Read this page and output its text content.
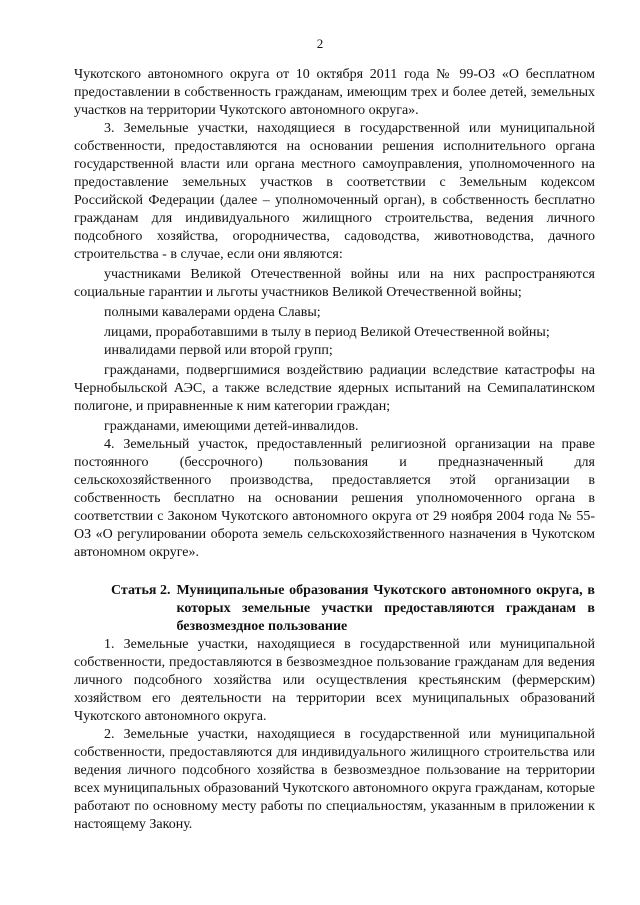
2

Чукотского автономного округа от 10 октября 2011 года № 99-ОЗ «О бесплатном предоставлении в собственность гражданам, имеющим трех и более детей, земельных участков на территории Чукотского автономного округа».

3. Земельные участки, находящиеся в государственной или муниципальной собственности, предоставляются на основании решения исполнительного органа государственной власти или органа местного самоуправления, уполномоченного на предоставление земельных участков в соответствии с Земельным кодексом Российской Федерации (далее – уполномоченный орган), в собственность бесплатно гражданам для индивидуального жилищного строительства, ведения личного подсобного хозяйства, огородничества, садоводства, животноводства, дачного строительства - в случае, если они являются:

участниками Великой Отечественной войны или на них распространяются социальные гарантии и льготы участников Великой Отечественной войны;

полными кавалерами ордена Славы;

лицами, проработавшими в тылу в период Великой Отечественной войны;

инвалидами первой или второй групп;

гражданами, подвергшимися воздействию радиации вследствие катастрофы на Чернобыльской АЭС, а также вследствие ядерных испытаний на Семипалатинском полигоне, и приравненные к ним категории граждан;

гражданами, имеющими детей-инвалидов.

4. Земельный участок, предоставленный религиозной организации на праве постоянного (бессрочного) пользования и предназначенный для сельскохозяйственного производства, предоставляется этой организации в собственность бесплатно на основании решения уполномоченного органа в соответствии с Законом Чукотского автономного округа от 29 ноября 2004 года № 55-ОЗ «О регулировании оборота земель сельскохозяйственного назначения в Чукотском автономном округе».

Статья 2. Муниципальные образования Чукотского автономного округа, в которых земельные участки предоставляются гражданам в безвозмездное пользование

1. Земельные участки, находящиеся в государственной или муниципальной собственности, предоставляются в безвозмездное пользование гражданам для ведения личного подсобного хозяйства или осуществления крестьянским (фермерским) хозяйством его деятельности на территории всех муниципальных образований Чукотского автономного округа.

2. Земельные участки, находящиеся в государственной или муниципальной собственности, предоставляются для индивидуального жилищного строительства или ведения личного подсобного хозяйства в безвозмездное пользование на территории всех муниципальных образований Чукотского автономного округа гражданам, которые работают по основному месту работы по специальностям, указанным в приложении к настоящему Закону.
